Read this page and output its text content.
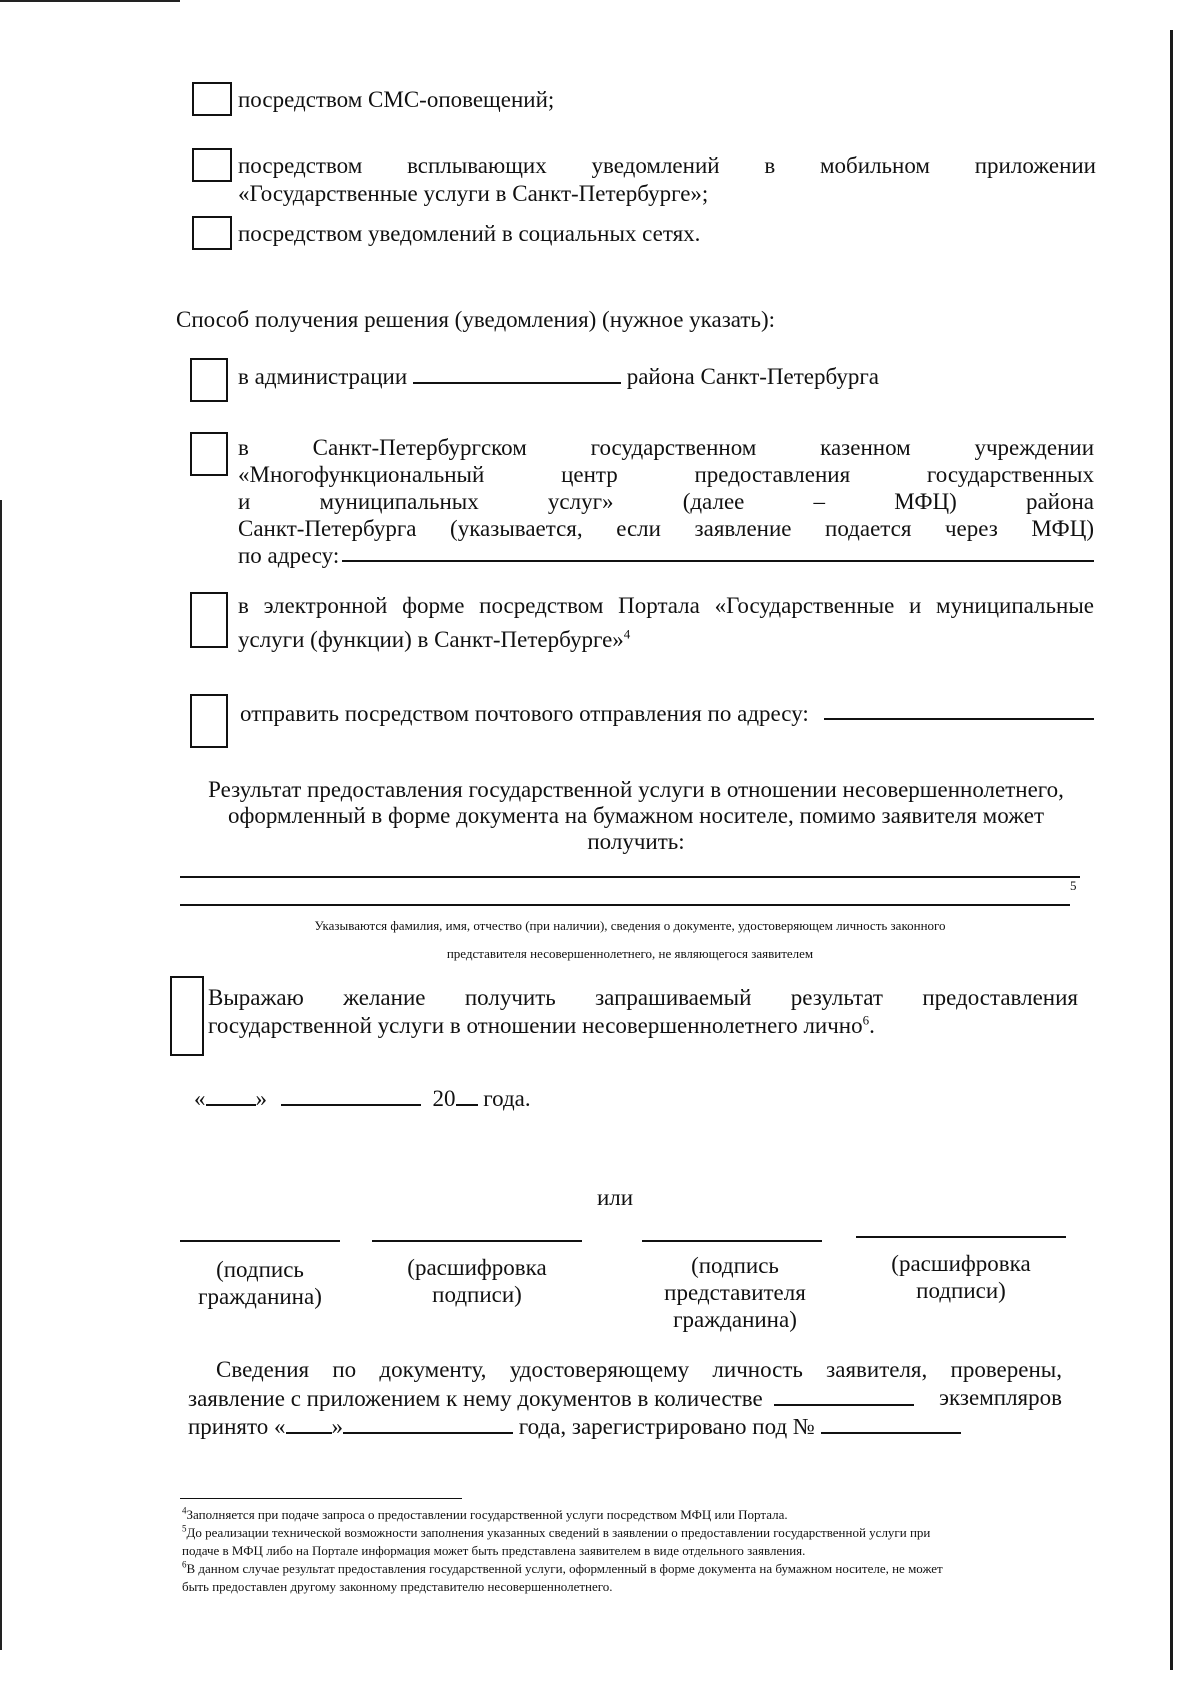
посредством СМС-оповещений;
посредством всплывающих уведомлений в мобильном приложении
«Государственные услуги в Санкт-Петербурге»;
посредством уведомлений в социальных сетях.
Способ получения решения (уведомления) (нужное указать):
в администрации	района Санкт-Петербурга
в Санкт-Петербургском государственном казенном учреждении
«Многофункциональный центр предоставления государственных
и муниципальных услуг» (далее – МФЦ) района
Санкт-Петербурга (указывается, если заявление подается через МФЦ)
по адресу:
в электронной форме посредством Портала «Государственные и муниципальные
услуги (функции) в Санкт-Петербурге»$^4$
отправить посредством почтового отправления по адресу:
Результат предоставления государственной услуги в отношении несовершеннолетнего,
оформленный в форме документа на бумажном носителе, помимо заявителя может
получить:
5
Указываются фамилия, имя, отчество (при наличии), сведения о документе, удостоверяющем личность законного
представителя несовершеннолетнего, не являющегося заявителем
Выражаю желание получить запрашиваемый результат предоставления
государственной услуги в отношении несовершеннолетнего лично$^6$.
« »	20 года.
или
(подпись
гражданина)
(расшифровка
подписи)
(подпись
представителя
гражданина)
(расшифровка
подписи)
Сведения по документу, удостоверяющему личность заявителя, проверены,
заявление с приложением к нему документов в количестве	экземпляров
принято « »	года, зарегистрировано под №
$^4$Заполняется при подаче запроса о предоставлении государственной услуги посредством МФЦ или Портала.
$^5$До реализации технической возможности заполнения указанных сведений в заявлении о предоставлении государственной услуги при
подаче в МФЦ либо на Портале информация может быть представлена заявителем в виде отдельного заявления.
$^6$В данном случае результат предоставления государственной услуги, оформленный в форме документа на бумажном носителе, не может
быть предоставлен другому законному представителю несовершеннолетнего.
